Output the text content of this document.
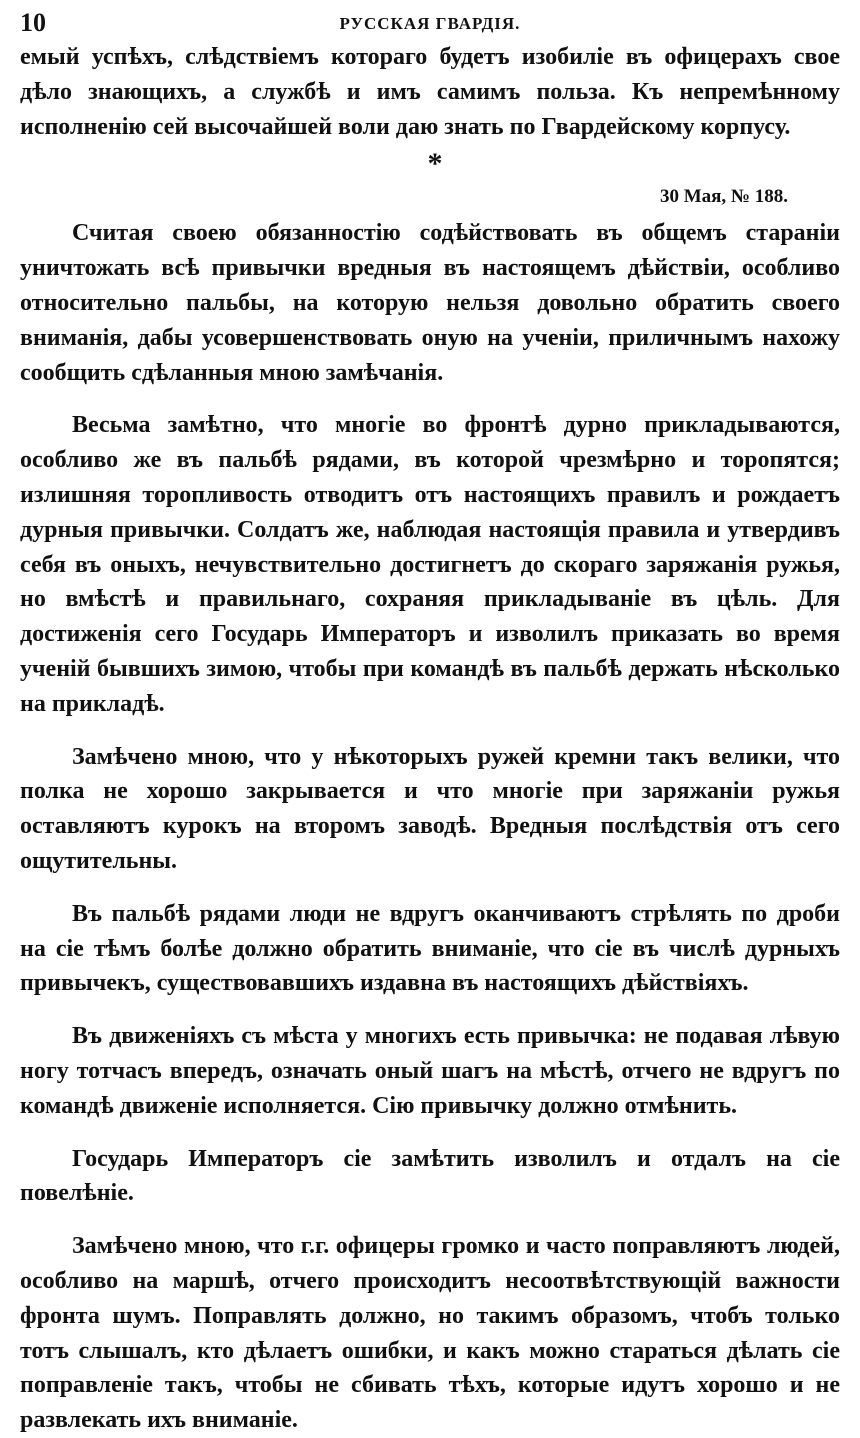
10	РУССКАЯ ГВАРДІЯ.

емый успѣхъ, слѣдствіемъ котораго будетъ изобиліе въ офицерахъ свое дѣло знающихъ, а службѣ и имъ самимъ польза. Къ непремѣнному исполненію сей высочайшей воли даю знать по Гвардейскому корпусу.

*
30 Мая, № 188.

Считая своею обязанностію содѣйствовать въ общемъ стараніи уничтожать всѣ привычки вредныя въ настоящемъ дѣйствіи, особливо относительно пальбы, на которую нельзя довольно обратить своего вниманія, дабы усовершенствовать оную на ученіи, приличнымъ нахожу сообщить сдѣланныя мною замѣчанія.

Весьма замѣтно, что многіе во фронтѣ дурно прикладываются, особливо же въ пальбѣ рядами, въ которой чрезмѣрно и торопятся; излишняя торопливость отводитъ отъ настоящихъ правилъ и рождаетъ дурныя привычки. Солдатъ же, наблюдая настоящія правила и утвердивъ себя въ оныхъ, нечувствительно достигнетъ до скораго заряжанія ружья, но вмѣстѣ и правильнаго, сохраняя прикладываніе въ цѣль. Для достиженія сего Государь Императоръ и изволилъ приказать во время ученій бывшихъ зимою, чтобы при командѣ въ пальбѣ держать нѣсколько на прикладѣ.

Замѣчено мною, что у нѣкоторыхъ ружей кремни такъ велики, что полка не хорошо закрывается и что многіе при заряжаніи ружья оставляютъ курокъ на второмъ заводѣ. Вредныя послѣдствія отъ сего ощутительны.

Въ пальбѣ рядами люди не вдругъ оканчиваютъ стрѣлять по дроби на сіе тѣмъ болѣе должно обратить вниманіе, что сіе въ числѣ дурныхъ привычекъ, существовавшихъ издавна въ настоящихъ дѣйствіяхъ.

Въ движеніяхъ съ мѣста у многихъ есть привычка: не подавая лѣвую ногу тотчасъ впередъ, означать оный шагъ на мѣстѣ, отчего не вдругъ по командѣ движеніе исполняется. Сію привычку должно отмѣнить.

Государь Императоръ сіе замѣтить изволилъ и отдалъ на сіе повелѣніе.

Замѣчено мною, что г.г. офицеры громко и часто поправляютъ людей, особливо на маршѣ, отчего происходитъ несоотвѣтствующій важности фронта шумъ. Поправлять должно, но такимъ образомъ, чтобъ только тотъ слышалъ, кто дѣлаетъ ошибки, и какъ можно стараться дѣлать сіе поправленіе такъ, чтобы не сбивать тѣхъ, которые идутъ хорошо и не развлекать ихъ вниманіе.
